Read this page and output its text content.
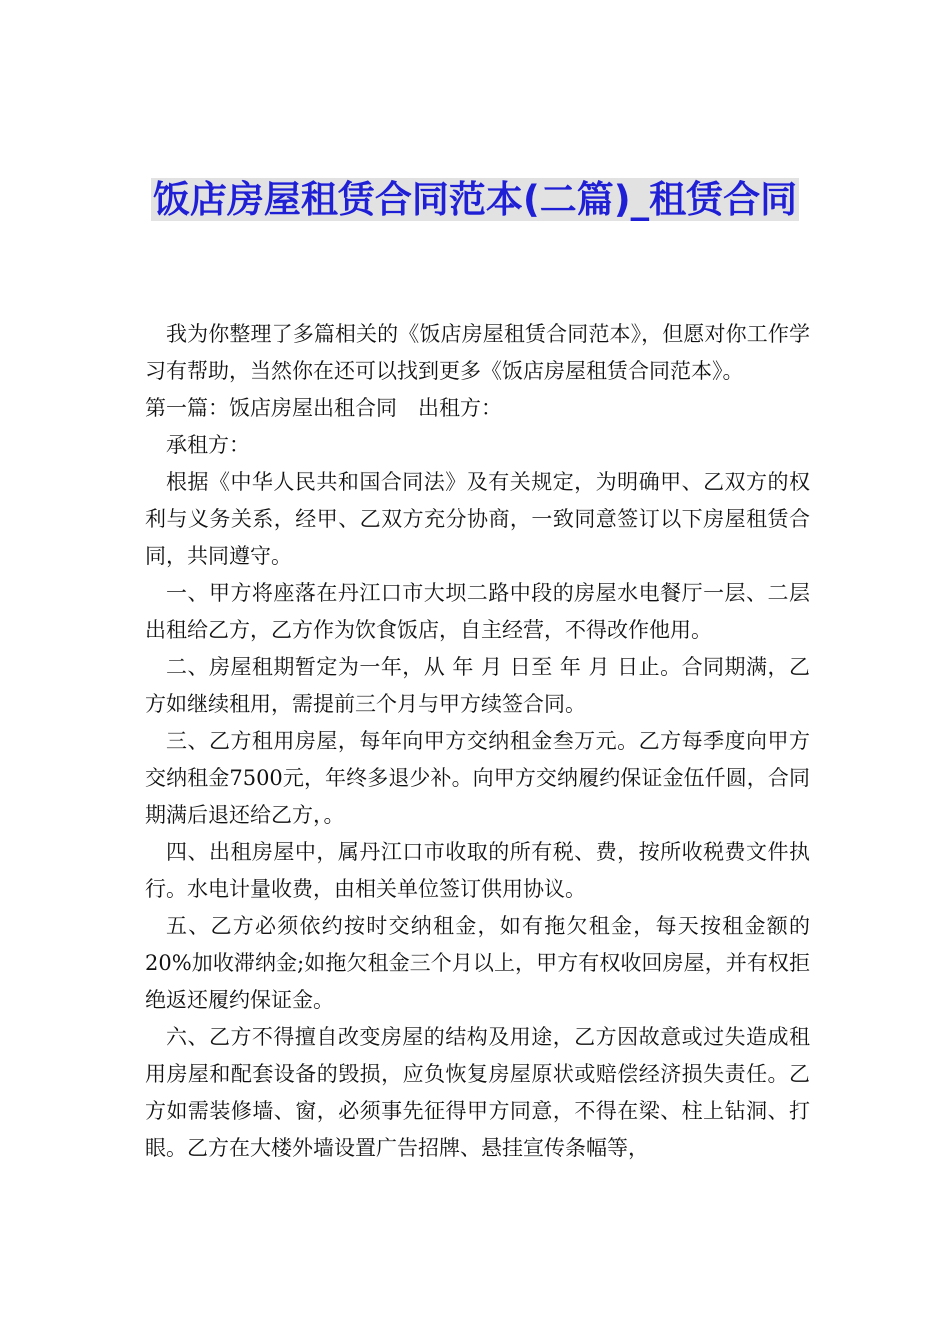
饭店房屋租赁合同范本(二篇)_租赁合同

我为你整理了多篇相关的《饭店房屋租赁合同范本》，但愿对你工作学习有帮助，当然你在还可以找到更多《饭店房屋租赁合同范本》。

第一篇：饭店房屋出租合同　出租方：

承租方：

根据《中华人民共和国合同法》及有关规定，为明确甲、乙双方的权利与义务关系，经甲、乙双方充分协商，一致同意签订以下房屋租赁合同，共同遵守。

一、甲方将座落在丹江口市大坝二路中段的房屋水电餐厅一层、二层出租给乙方，乙方作为饮食饭店，自主经营，不得改作他用。

二、房屋租期暂定为一年，从 年 月 日至 年 月 日止。合同期满，乙方如继续租用，需提前三个月与甲方续签合同。

三、乙方租用房屋，每年向甲方交纳租金叁万元。乙方每季度向甲方交纳租金7500元，年终多退少补。向甲方交纳履约保证金伍仟圆，合同期满后退还给乙方，。

四、出租房屋中，属丹江口市收取的所有税、费，按所收税费文件执行。水电计量收费，由相关单位签订供用协议。

五、乙方必须依约按时交纳租金，如有拖欠租金，每天按租金额的20%加收滞纳金;如拖欠租金三个月以上，甲方有权收回房屋，并有权拒绝返还履约保证金。

六、乙方不得擅自改变房屋的结构及用途，乙方因故意或过失造成租用房屋和配套设备的毁损，应负恢复房屋原状或赔偿经济损失责任。乙方如需装修墙、窗，必须事先征得甲方同意，不得在梁、柱上钻洞、打眼。乙方在大楼外墙设置广告招牌、悬挂宣传条幅等，
